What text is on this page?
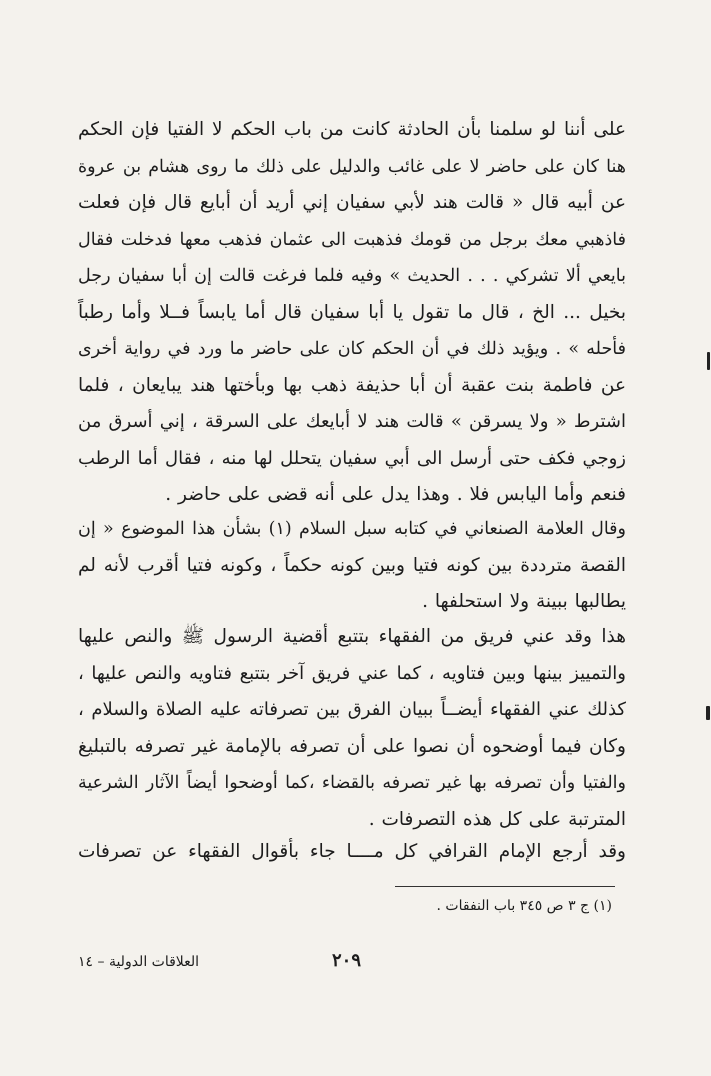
على أننا لو سلمنا بأن الحادثة كانت من باب الحكم لا الفتيا فإن الحكم
هنا كان على حاضر لا على غائب والدليل على ذلك ما روى هشام بن عروة
عن أبيه قال « قالت هند لأبي سفيان إني أريد أن أبايع قال فإن فعلت
فاذهبي معك برجل من قومك فذهبت الى عثمان فذهب معها فدخلت فقال
بايعي ألا تشركي . . . الحديث » وفيه فلما فرغت قالت إن أبا سفيان رجل
بخيل ... الخ ، قال ما تقول يا أبا سفيان قال أما يابساً فــلا وأما رطباً
فأحله » . ويؤيد ذلك في أن الحكم كان على حاضر ما ورد في رواية أخرى
عن فاطمة بنت عقبة أن أبا حذيفة ذهب بها وبأختها هند يبايعان ، فلما
اشترط « ولا يسرقن » قالت هند لا أبايعك على السرقة ، إني أسرق من
زوجي فكف حتى أرسل الى أبي سفيان يتحلل لها منه ، فقال أما الرطب
فنعم وأما اليابس فلا . وهذا يدل على أنه قضى على حاضر .
وقال العلامة الصنعاني في كتابه سبل السلام (١) بشأن هذا الموضوع « إن
القصة مترددة بين كونه فتيا وبين كونه حكماً ، وكونه فتيا أقرب لأنه لم
يطالبها ببينة ولا استحلفها .
هذا وقد عني فريق من الفقهاء بتتبع أقضية الرسول ﷺ والنص عليها
والتمييز بينها وبين فتاويه ، كما عني فريق آخر بتتبع فتاويه والنص عليها ،
كذلك عني الفقهاء أيضــاً ببيان الفرق بين تصرفاته عليه الصلاة والسلام ،
وكان فيما أوضحوه أن نصوا على أن تصرفه بالإمامة غير تصرفه بالتبليغ
والفتيا وأن تصرفه بها غير تصرفه بالقضاء ،كما أوضحوا أيضاً الآثار الشرعية
المترتبة على كل هذه التصرفات .
وقد أرجع الإمام القرافي كل مــــا جاء بأقوال الفقهاء عن تصرفات
(١) ج ٣ ص ٣٤٥ باب النفقات .
٢٠٩
العلاقات الدولية – ١٤
